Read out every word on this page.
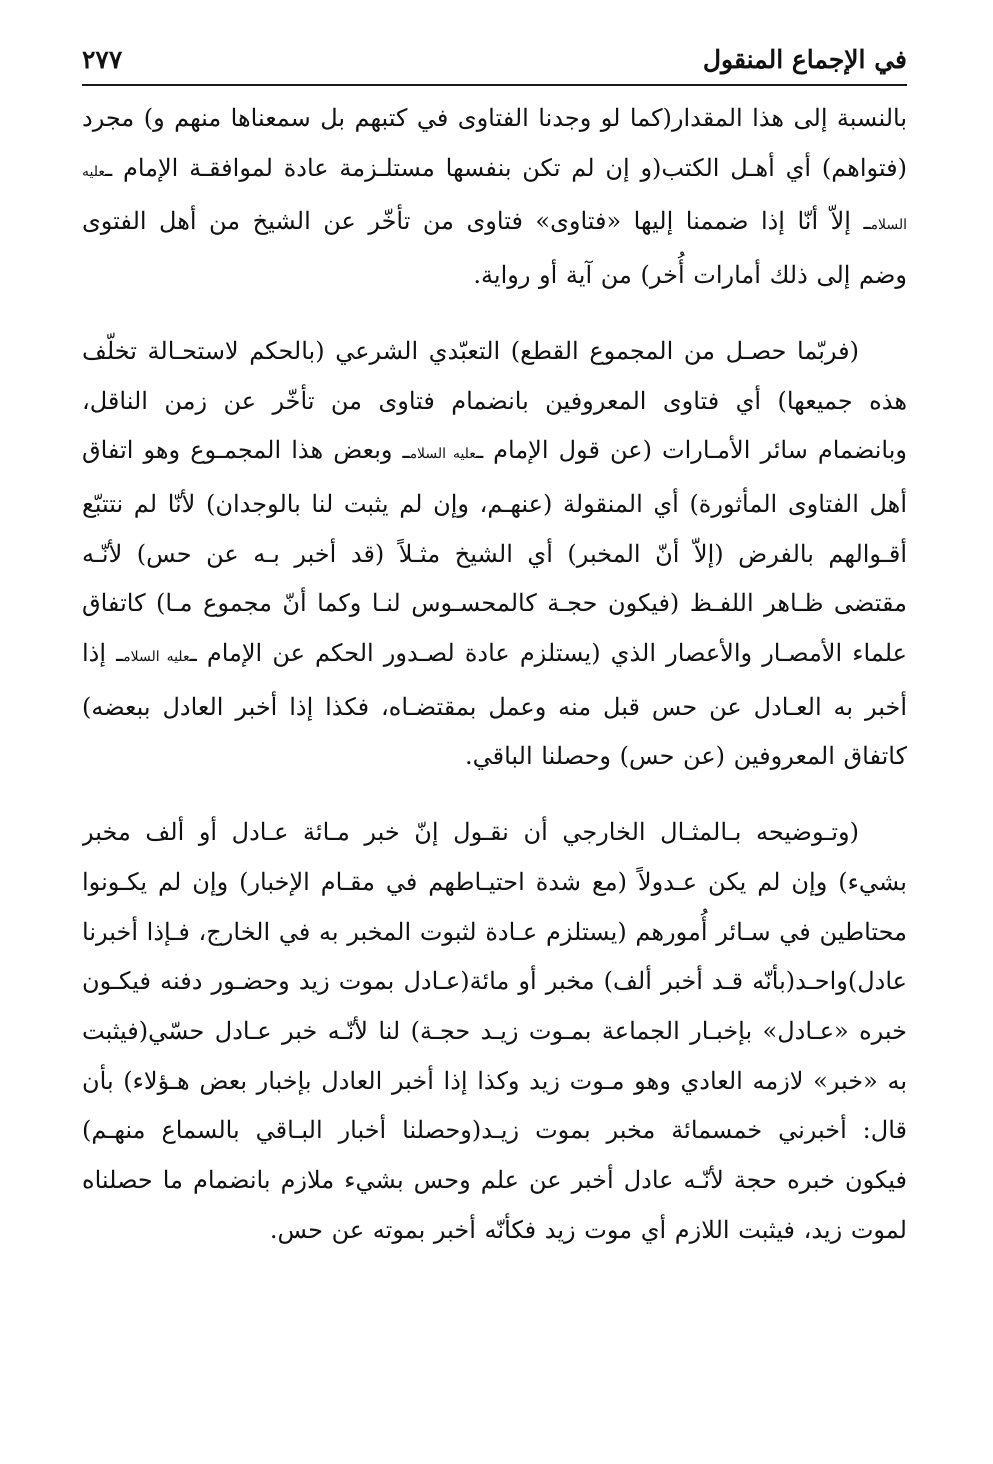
في الإجماع المنقول
٢٧٧

بالنسبة إلى هذا المقدار(كما لو وجدنا الفتاوى في كتبهم بل سمعناها منهم و) مجرد (فتواهم) أي أهـل الكتب(و إن لم تكن بنفسها مستلـزمة عادة لموافقـة الإمام ـعليه السلامـ إلاّ أنّا إذا ضممنا إليها «فتاوى» فتاوى من تأخّر عن الشيخ من أهل الفتوى وضم إلى ذلك أمارات أُخر) من آية أو رواية.

(فربّما حصـل من المجموع القطع) التعبّدي الشرعي (بالحكم لاستحـالة تخلّف هذه جميعها) أي فتاوى المعروفين بانضمام فتاوى من تأخّر عن زمن الناقل، وبانضمام سائر الأمـارات (عن قول الإمام ـعليه السلامـ وبعض هذا المجمـوع وهو اتفاق أهل الفتاوى المأثورة) أي المنقولة (عنهـم، وإن لم يثبت لنا بالوجدان) لأنّا لم نتتبّع أقـوالهم بالفرض (إلاّ أنّ المخبر) أي الشيخ مثـلاً (قد أخبر بـه عن حس) لأنّـه مقتضى ظـاهر اللفـظ (فيكون حجـة كالمحسـوس لنـا وكما أنّ مجموع مـا) كاتفاق علماء الأمصـار والأعصار الذي (يستلزم عادة لصـدور الحكم عن الإمام ـعليه السلامـ إذا أخبر به العـادل عن حس قبل منه وعمل بمقتضـاه، فكذا إذا أخبر العادل ببعضه) كاتفاق المعروفين (عن حس) وحصلنا الباقي.

(وتـوضيحه بـالمثـال الخارجي أن نقـول إنّ خبر مـائة عـادل أو ألف مخبر بشيء) وإن لم يكن عـدولاً (مع شدة احتيـاطهم في مقـام الإخبار) وإن لم يكـونوا محتاطين في سـائر أُمورهم (يستلزم عـادة لثبوت المخبر به في الخارج، فـإذا أخبرنا عادل)واحـد(بأنّه قـد أخبر ألف) مخبر أو مائة(عـادل بموت زيد وحضـور دفنه فيكـون خبره «عـادل» بإخبـار الجماعة بمـوت زيـد حجـة) لنا لأنّـه خبر عـادل حسّي(فيثبت به «خبر» لازمه العادي وهو مـوت زيد وكذا إذا أخبر العادل بإخبار بعض هـؤلاء) بأن قال: أخبرني خمسمائة مخبر بموت زيـد(وحصلنا أخبار البـاقي بالسماع منهـم) فيكون خبره حجة لأنّـه عادل أخبر عن علم وحس بشيء ملازم بانضمام ما حصلناه لموت زيد، فيثبت اللازم أي موت زيد فكأنّه أخبر بموته عن حس.
